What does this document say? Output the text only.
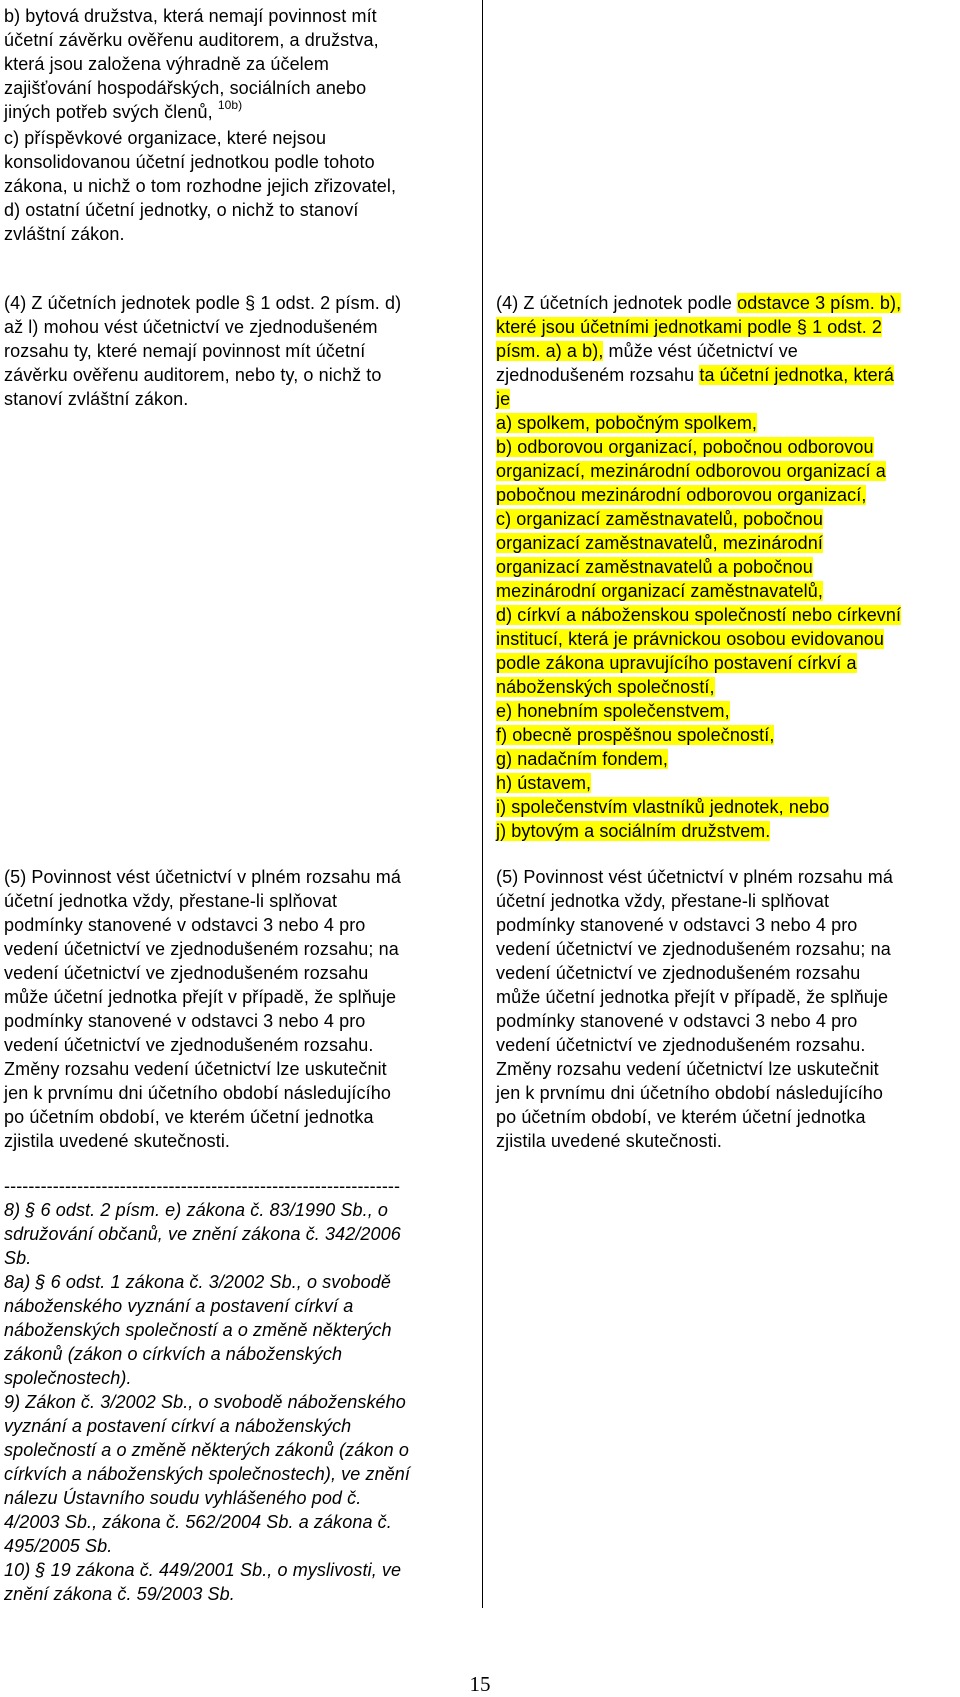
b) bytová družstva, která nemají povinnost mít
účetní závěrku ověřenu auditorem, a družstva,
která jsou založena výhradně za účelem
zajišťování hospodářských, sociálních anebo
jiných potřeb svých členů, $^{10b)}$
c) příspěvkové organizace, které nejsou
konsolidovanou účetní jednotkou podle tohoto
zákona, u nichž o tom rozhodne jejich zřizovatel,
d) ostatní účetní jednotky, o nichž to stanoví
zvláštní zákon.
(4) Z účetních jednotek podle § 1 odst. 2 písm. d)
až l) mohou vést účetnictví ve zjednodušeném
rozsahu ty, které nemají povinnost mít účetní
závěrku ověřenu auditorem, nebo ty, o nichž to
stanoví zvláštní zákon.
(4) Z účetních jednotek podle odstavce 3 písm. b),
které jsou účetními jednotkami podle § 1 odst. 2
písm. a) a b), může vést účetnictví ve
zjednodušeném rozsahu ta účetní jednotka, která
je
a) spolkem, pobočným spolkem,
b) odborovou organizací, pobočnou odborovou
organizací, mezinárodní odborovou organizací a
pobočnou mezinárodní odborovou organizací,
c) organizací zaměstnavatelů, pobočnou
organizací zaměstnavatelů, mezinárodní
organizací zaměstnavatelů a pobočnou
mezinárodní organizací zaměstnavatelů,
d) církví a náboženskou společností nebo církevní
institucí, která je právnickou osobou evidovanou
podle zákona upravujícího postavení církví a
náboženských společností,
e) honebním společenstvem,
f) obecně prospěšnou společností,
g) nadačním fondem,
h) ústavem,
i) společenstvím vlastníků jednotek, nebo
j) bytovým a sociálním družstvem.
(5) Povinnost vést účetnictví v plném rozsahu má
účetní jednotka vždy, přestane-li splňovat
podmínky stanovené v odstavci 3 nebo 4 pro
vedení účetnictví ve zjednodušeném rozsahu; na
vedení účetnictví ve zjednodušeném rozsahu
může účetní jednotka přejít v případě, že splňuje
podmínky stanovené v odstavci 3 nebo 4 pro
vedení účetnictví ve zjednodušeném rozsahu.
Změny rozsahu vedení účetnictví lze uskutečnit
jen k prvnímu dni účetního období následujícího
po účetním období, ve kterém účetní jednotka
zjistila uvedené skutečnosti.
(5) Povinnost vést účetnictví v plném rozsahu má
účetní jednotka vždy, přestane-li splňovat
podmínky stanovené v odstavci 3 nebo 4 pro
vedení účetnictví ve zjednodušeném rozsahu; na
vedení účetnictví ve zjednodušeném rozsahu
může účetní jednotka přejít v případě, že splňuje
podmínky stanovené v odstavci 3 nebo 4 pro
vedení účetnictví ve zjednodušeném rozsahu.
Změny rozsahu vedení účetnictví lze uskutečnit
jen k prvnímu dni účetního období následujícího
po účetním období, ve kterém účetní jednotka
zjistila uvedené skutečnosti.
-----------------------------------------------------------------
8) § 6 odst. 2 písm. e) zákona č. 83/1990 Sb., o
sdružování občanů, ve znění zákona č. 342/2006
Sb.
8a) § 6 odst. 1 zákona č. 3/2002 Sb., o svobodě
náboženského vyznání a postavení církví a
náboženských společností a o změně některých
zákonů (zákon o církvích a náboženských
společnostech).
9) Zákon č. 3/2002 Sb., o svobodě náboženského
vyznání a postavení církví a náboženských
společností a o změně některých zákonů (zákon o
církvích a náboženských společnostech), ve znění
nálezu Ústavního soudu vyhlášeného pod č.
4/2003 Sb., zákona č. 562/2004 Sb. a zákona č.
495/2005 Sb.
10) § 19 zákona č. 449/2001 Sb., o myslivosti, ve
znění zákona č. 59/2003 Sb.
15
